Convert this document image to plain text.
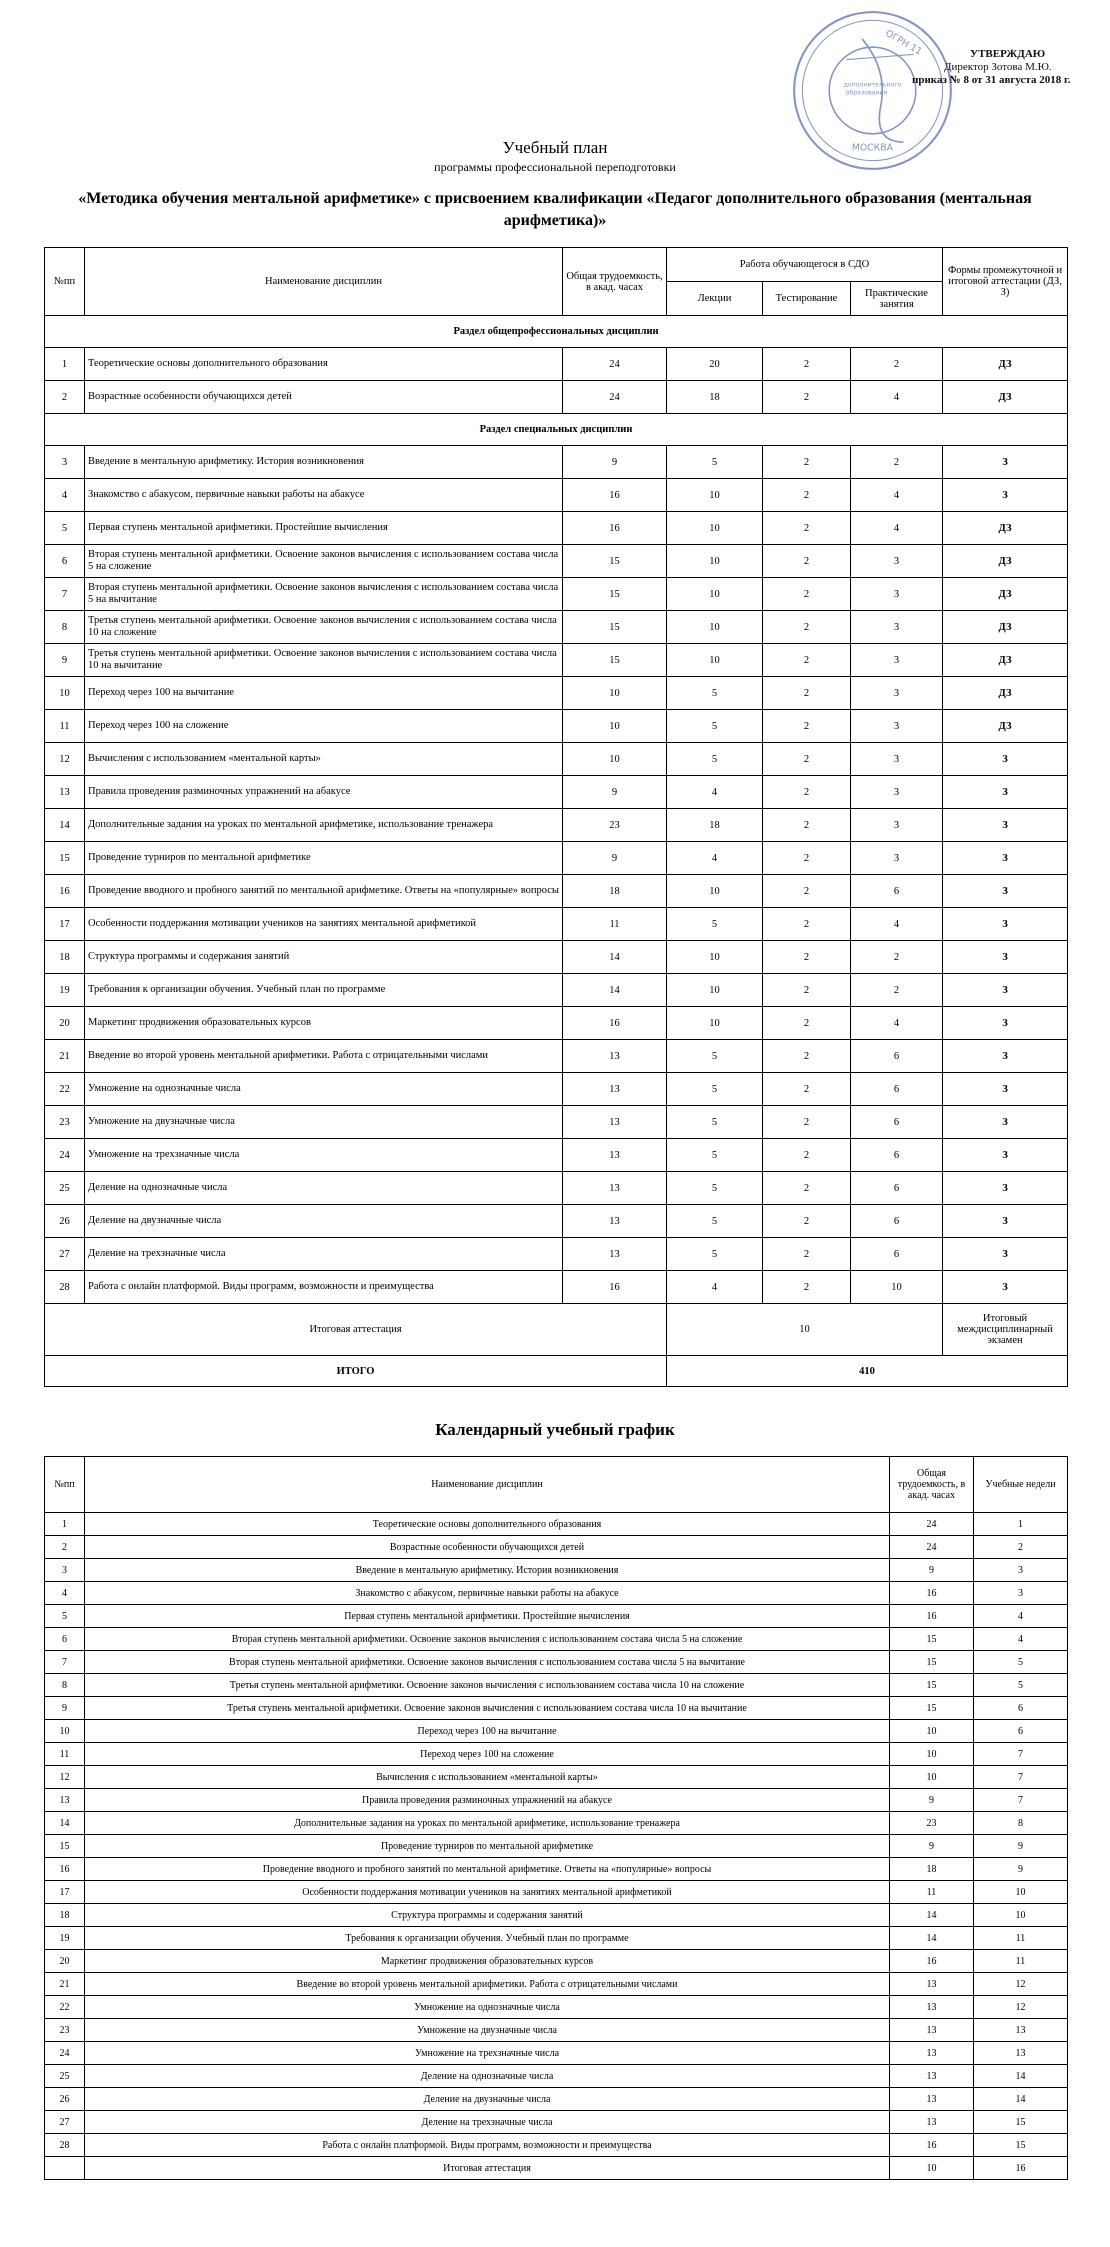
ОГРН 11
МОСКВА
дополнительного
образования
УТВЕРЖДАЮ
Директор Зотова М.Ю.
приказ № 8 от 31 августа 2018 г.
Учебный план
программы профессиональной переподготовки
«Методика обучения ментальной арифметике» с присвоением квалификации «Педагог дополнительного образования (ментальная арифметика)»
№пп	Наименование дисциплин	Общая трудоемкость, в акад. часах	Работа обучающегося в СДО			Формы промежуточной и итоговой аттестации (ДЗ, З)
			Лекции	Тестирование	Практические занятия	
Раздел общепрофессиональных дисциплин						
1	Теоретические основы дополнительного образования	24	20	2	2	ДЗ
2	Возрастные особенности обучающихся детей	24	18	2	4	ДЗ
Раздел специальных дисциплин						
3	Введение в ментальную арифметику. История возникновения	9	5	2	2	З
4	Знакомство с абакусом, первичные навыки работы на абакусе	16	10	2	4	З
5	Первая ступень ментальной арифметики. Простейшие вычисления	16	10	2	4	ДЗ
6	Вторая ступень ментальной арифметики. Освоение законов вычисления с использованием состава числа 5 на сложение	15	10	2	3	ДЗ
7	Вторая ступень ментальной арифметики. Освоение законов вычисления с использованием состава числа 5 на вычитание	15	10	2	3	ДЗ
8	Третья ступень ментальной арифметики. Освоение законов вычисления с использованием состава числа 10 на сложение	15	10	2	3	ДЗ
9	Третья ступень ментальной арифметики. Освоение законов вычисления с использованием состава числа 10 на вычитание	15	10	2	3	ДЗ
10	Переход через 100 на вычитание	10	5	2	3	ДЗ
11	Переход через 100 на сложение	10	5	2	3	ДЗ
12	Вычисления с использованием «ментальной карты»	10	5	2	3	З
13	Правила проведения разминочных упражнений на абакусе	9	4	2	3	З
14	Дополнительные задания на уроках по ментальной арифметике, использование тренажера	23	18	2	3	З
15	Проведение турниров по ментальной арифметике	9	4	2	3	З
16	Проведение вводного и пробного занятий по ментальной арифметике. Ответы на «популярные» вопросы	18	10	2	6	З
17	Особенности поддержания мотивации учеников на занятиях ментальной арифметикой	11	5	2	4	З
18	Структура программы и содержания занятий	14	10	2	2	З
19	Требования к организации обучения. Учебный план по программе	14	10	2	2	З
20	Маркетинг продвижения образовательных курсов	16	10	2	4	З
21	Введение во второй уровень ментальной арифметики. Работа с отрицательными числами	13	5	2	6	З
22	Умножение на однозначные числа	13	5	2	6	З
23	Умножение на двузначные числа	13	5	2	6	З
24	Умножение на трехзначные числа	13	5	2	6	З
25	Деление на однозначные числа	13	5	2	6	З
26	Деление на двузначные числа	13	5	2	6	З
27	Деление на трехзначные числа	13	5	2	6	З
28	Работа с онлайн платформой. Виды программ, возможности и преимущества	16	4	2	10	З
Итоговая аттестация			10			Итоговый междисциплинарный экзамен
ИТОГО			410			
Календарный учебный график
№пп	Наименование дисциплин	Общая трудоемкость, в акад. часах	Учебные недели
1	Теоретические основы дополнительного образования	24	1
2	Возрастные особенности обучающихся детей	24	2
3	Введение в ментальную арифметику. История возникновения	9	3
4	Знакомство с абакусом, первичные навыки работы на абакусе	16	3
5	Первая ступень ментальной арифметики. Простейшие вычисления	16	4
6	Вторая ступень ментальной арифметики. Освоение законов вычисления с использованием состава числа 5 на сложение	15	4
7	Вторая ступень ментальной арифметики. Освоение законов вычисления с использованием состава числа 5 на вычитание	15	5
8	Третья ступень ментальной арифметики. Освоение законов вычисления с использованием состава числа 10 на сложение	15	5
9	Третья ступень ментальной арифметики. Освоение законов вычисления с использованием состава числа 10 на вычитание	15	6
10	Переход через 100 на вычитание	10	6
11	Переход через 100 на сложение	10	7
12	Вычисления с использованием «ментальной карты»	10	7
13	Правила проведения разминочных упражнений на абакусе	9	7
14	Дополнительные задания на уроках по ментальной арифметике, использование тренажера	23	8
15	Проведение турниров по ментальной арифметике	9	9
16	Проведение вводного и пробного занятий по ментальной арифметике. Ответы на «популярные» вопросы	18	9
17	Особенности поддержания мотивации учеников на занятиях ментальной арифметикой	11	10
18	Структура программы и содержания занятий	14	10
19	Требования к организации обучения. Учебный план по программе	14	11
20	Маркетинг продвижения образовательных курсов	16	11
21	Введение во второй уровень ментальной арифметики. Работа с отрицательными числами	13	12
22	Умножение на однозначные числа	13	12
23	Умножение на двузначные числа	13	13
24	Умножение на трехзначные числа	13	13
25	Деление на однозначные числа	13	14
26	Деление на двузначные числа	13	14
27	Деление на трехзначные числа	13	15
28	Работа с онлайн платформой. Виды программ, возможности и преимущества	16	15
	Итоговая аттестация	10	16
